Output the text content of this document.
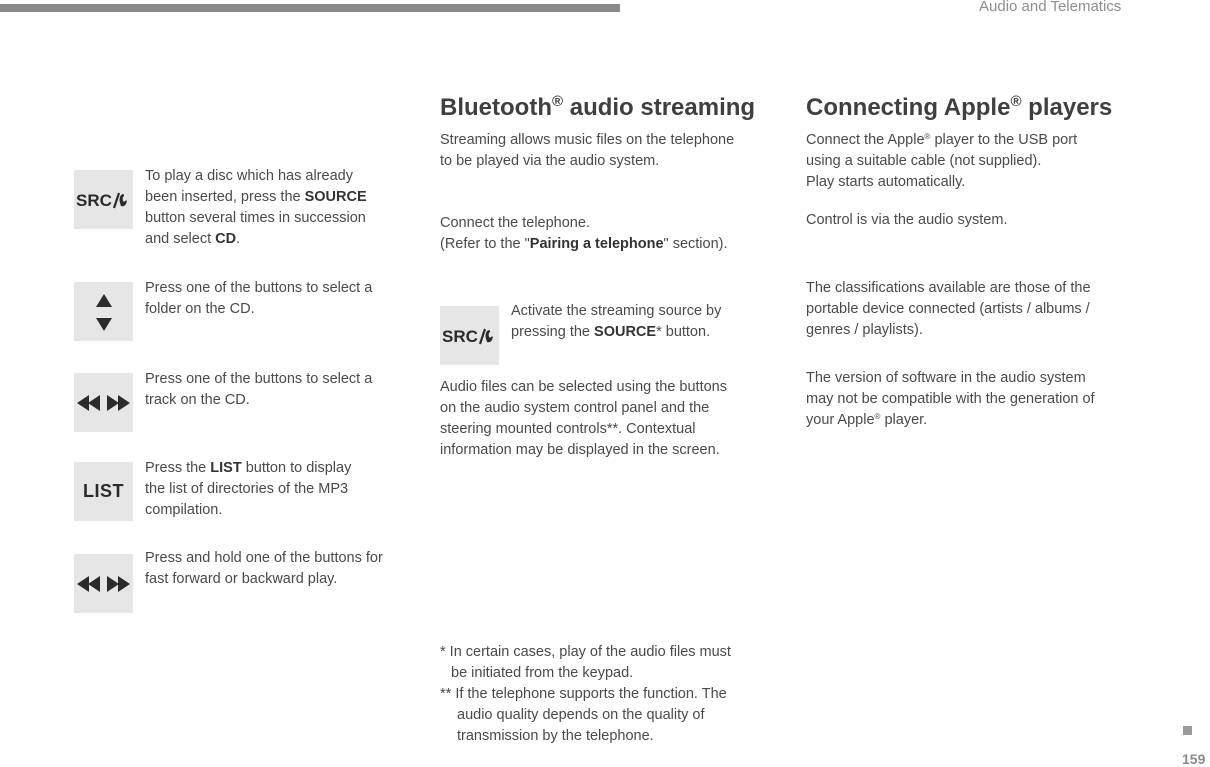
Audio and Telematics
SRC
To play a disc which has already
been inserted, press the SOURCE
button several times in succession
and select CD.
Press one of the buttons to select a
folder on the CD.
Press one of the buttons to select a
track on the CD.
LIST
Press the LIST button to display
the list of directories of the MP3
compilation.
Press and hold one of the buttons for
fast forward or backward play.
Bluetooth® audio streaming
Streaming allows music files on the telephone
to be played via the audio system.
Connect the telephone.
(Refer to the "Pairing a telephone" section).
SRC
Activate the streaming source by
pressing the SOURCE* button.
Audio files can be selected using the buttons
on the audio system control panel and the
steering mounted controls**. Contextual
information may be displayed in the screen.
* In certain cases, play of the audio files must
be initiated from the keypad.
** If the telephone supports the function. The
audio quality depends on the quality of
transmission by the telephone.
Connecting Apple® players
Connect the Apple® player to the USB port
using a suitable cable (not supplied).
Play starts automatically.
Control is via the audio system.
The classifications available are those of the
portable device connected (artists / albums /
genres / playlists).
The version of software in the audio system
may not be compatible with the generation of
your Apple® player.
159
